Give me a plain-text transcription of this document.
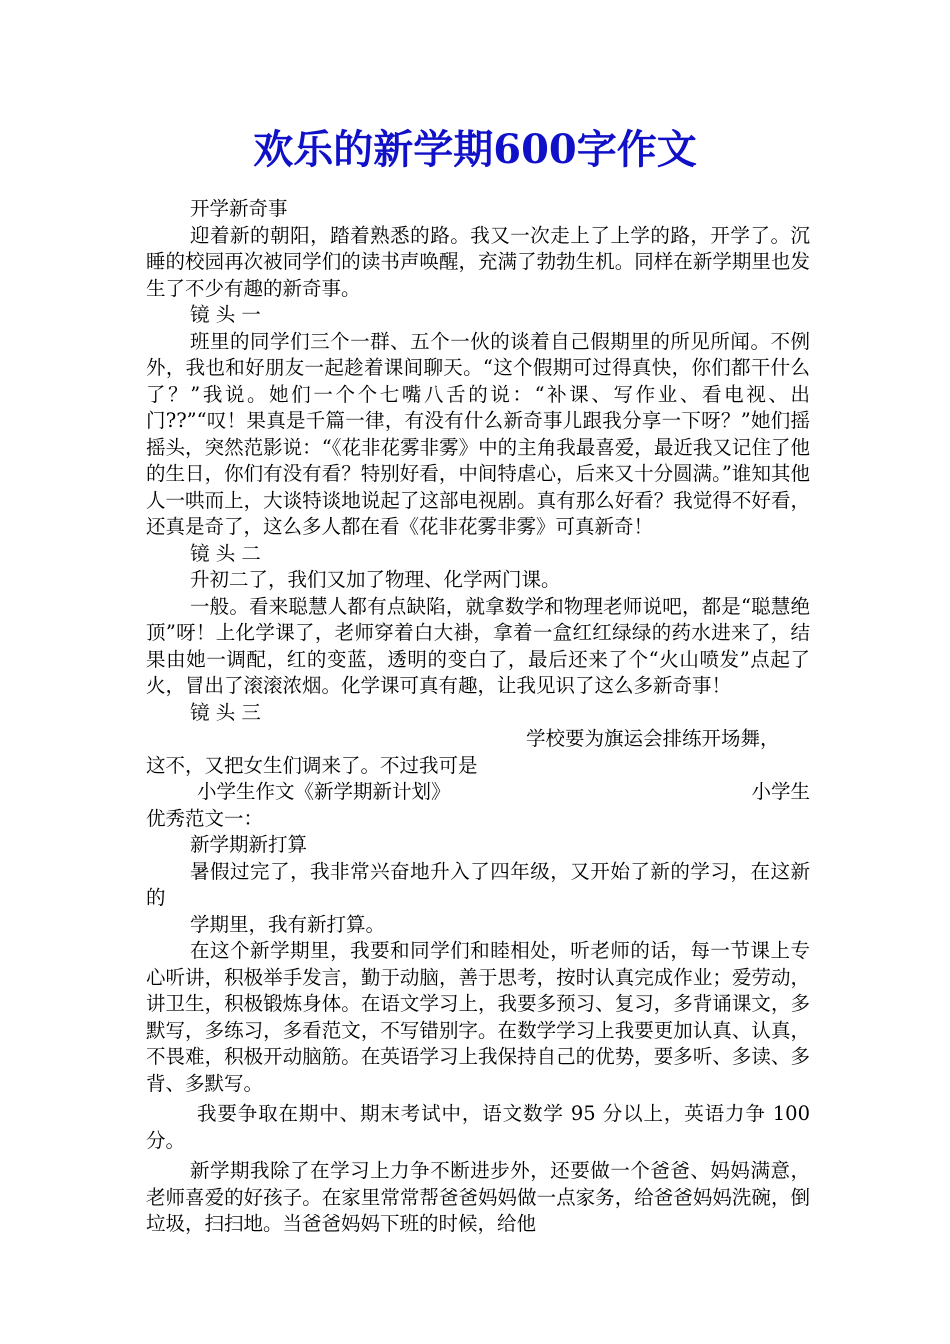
欢乐的新学期600字作文

开学新奇事

迎着新的朝阳，踏着熟悉的路。我又一次走上了上学的路，开学了。沉睡的校园再次被同学们的读书声唤醒，充满了勃勃生机。同样在新学期里也发生了不少有趣的新奇事。

镜 头 一

班里的同学们三个一群、五个一伙的谈着自己假期里的所见所闻。不例外，我也和好朋友一起趁着课间聊天。“这个假期可过得真快，你们都干什么了？”我说。她们一个个七嘴八舌的说：“补课、写作业、看电视、出门??”“叹！果真是千篇一律，有没有什么新奇事儿跟我分享一下呀？”她们摇摇头，突然范影说：“《花非花雾非雾》中的主角我最喜爱，最近我又记住了他的生日，你们有没有看？特别好看，中间特虐心，后来又十分圆满。”谁知其他人一哄而上，大谈特谈地说起了这部电视剧。真有那么好看？我觉得不好看，还真是奇了，这么多人都在看《花非花雾非雾》可真新奇！

镜 头 二

升初二了，我们又加了物理、化学两门课。

一般。看来聪慧人都有点缺陷，就拿数学和物理老师说吧，都是“聪慧绝顶”呀！上化学课了，老师穿着白大褂，拿着一盒红红绿绿的药水进来了，结果由她一调配，红的变蓝，透明的变白了，最后还来了个“火山喷发”点起了火，冒出了滚滚浓烟。化学课可真有趣，让我见识了这么多新奇事！

镜 头 三

学校要为旗运会排练开场舞，

这不，又把女生们调来了。不过我可是

小学生作文《新学期新计划》	小学生

优秀范文一：

新学期新打算

暑假过完了，我非常兴奋地升入了四年级，又开始了新的学习，在这新的

学期里，我有新打算。

在这个新学期里，我要和同学们和睦相处，听老师的话，每一节课上专心听讲，积极举手发言，勤于动脑，善于思考，按时认真完成作业；爱劳动，讲卫生，积极锻炼身体。在语文学习上，我要多预习、复习，多背诵课文，多默写，多练习，多看范文，不写错别字。在数学学习上我要更加认真、认真，不畏难，积极开动脑筋。在英语学习上我保持自己的优势，要多听、多读、多背、多默写。

我要争取在期中、期末考试中，语文数学 95 分以上，英语力争 100 分。

新学期我除了在学习上力争不断进步外，还要做一个爸爸、妈妈满意，老师喜爱的好孩子。在家里常常帮爸爸妈妈做一点家务，给爸爸妈妈洗碗，倒垃圾，扫扫地。当爸爸妈妈下班的时候，给他
